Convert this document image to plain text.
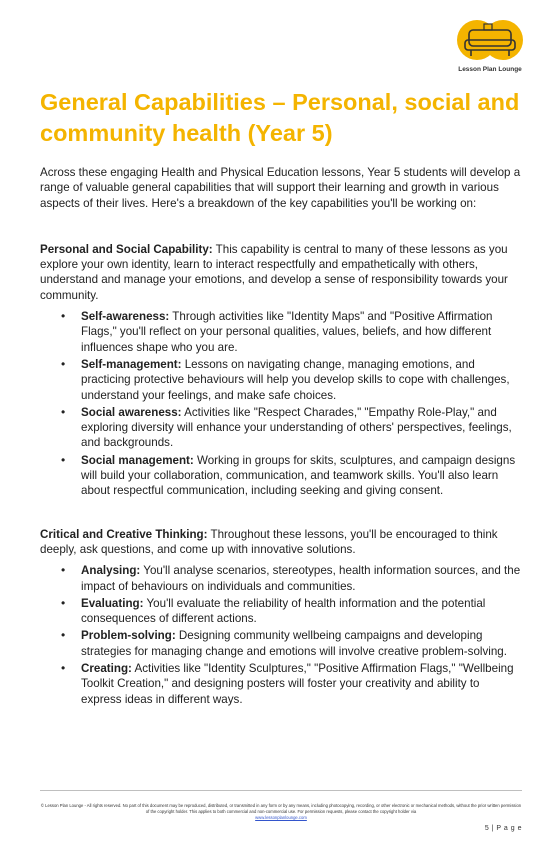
Lesson Plan Lounge
General Capabilities – Personal, social and community health (Year 5)

Across these engaging Health and Physical Education lessons, Year 5 students will develop a range of valuable general capabilities that will support their learning and growth in various aspects of their lives. Here's a breakdown of the key capabilities you'll be working on:

Personal and Social Capability: This capability is central to many of these lessons as you explore your own identity, learn to interact respectfully and empathetically with others, understand and manage your emotions, and develop a sense of responsibility towards your community.

• Self-awareness: Through activities like "Identity Maps" and "Positive Affirmation Flags," you'll reflect on your personal qualities, values, beliefs, and how different influences shape who you are.
• Self-management: Lessons on navigating change, managing emotions, and practicing protective behaviours will help you develop skills to cope with challenges, understand your feelings, and make safe choices.
• Social awareness: Activities like "Respect Charades," "Empathy Role-Play," and exploring diversity will enhance your understanding of others' perspectives, feelings, and backgrounds.
• Social management: Working in groups for skits, sculptures, and campaign designs will build your collaboration, communication, and teamwork skills. You'll also learn about respectful communication, including seeking and giving consent.

Critical and Creative Thinking: Throughout these lessons, you'll be encouraged to think deeply, ask questions, and come up with innovative solutions.

• Analysing: You'll analyse scenarios, stereotypes, health information sources, and the impact of behaviours on individuals and communities.
• Evaluating: You'll evaluate the reliability of health information and the potential consequences of different actions.
• Problem-solving: Designing community wellbeing campaigns and developing strategies for managing change and emotions will involve creative problem-solving.
• Creating: Activities like "Identity Sculptures," "Positive Affirmation Flags," "Wellbeing Toolkit Creation," and designing posters will foster your creativity and ability to express ideas in different ways.
© Lesson Plan Lounge - All rights reserved. No part of this document may be reproduced, distributed, or transmitted in any form or by any means, including photocopying, recording, or other electronic or mechanical methods, without the prior written permission of the copyright holder. This applies to both commercial and non-commercial use. For permission requests, please contact the copyright holder via
www.lessonplanlounge.com
5 | P a g e
